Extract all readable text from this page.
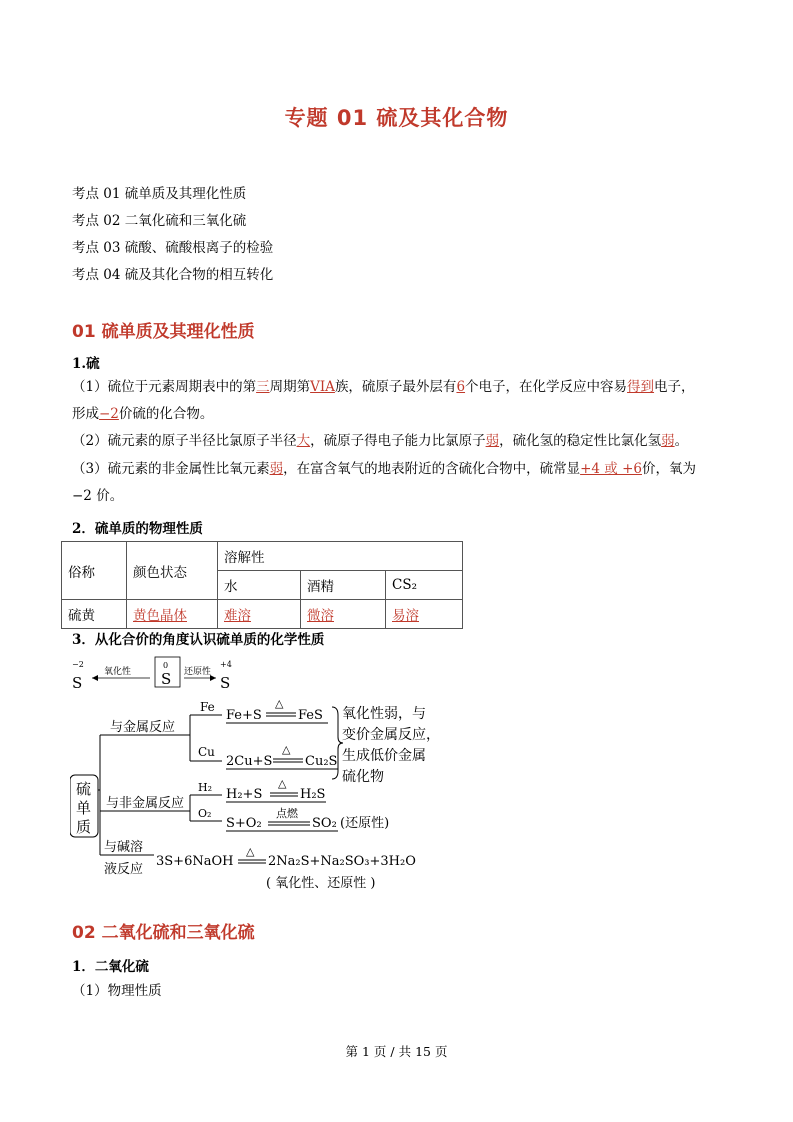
专题 01 硫及其化合物
考点 01 硫单质及其理化性质
考点 02 二氧化硫和三氧化硫
考点 03 硫酸、硫酸根离子的检验
考点 04 硫及其化合物的相互转化
01 硫单质及其理化性质
1.硫
（1）硫位于元素周期表中的第三周期第VIA族，硫原子最外层有6个电子，在化学反应中容易得到电子，
形成−2价硫的化合物。
（2）硫元素的原子半径比氯原子半径大，硫原子得电子能力比氯原子弱，硫化氢的稳定性比氯化氢弱。
（3）硫元素的非金属性比氧元素弱，在富含氧气的地表附近的含硫化合物中，硫常显+4 或 +6价，氧为
−2 价。
2．硫单质的物理性质
俗称	颜色状态	溶解性		
		水	酒精	CS₂
硫黄	黄色晶体	难溶	微溶	易溶
3．从化合价的角度认识硫单质的化学性质
−2
S
氧化性
0
S 还原性
+4
S
硫
单
质
与金属反应
与非金属反应
与碱溶
液反应
Fe
Cu
Fe+S
△
FeS
2Cu+S
△
Cu₂S
氧化性弱，与
变价金属反应，
生成低价金属
硫化物
H₂
O₂
H₂+S
△
H₂S
S+O₂
点燃
SO₂ (还原性)
3S+6NaOH
△
2Na₂S+Na₂SO₃+3H₂O
( 氧化性、还原性 )
02 二氧化硫和三氧化硫
1．二氧化硫
（1）物理性质
第 1 页 / 共 15 页
